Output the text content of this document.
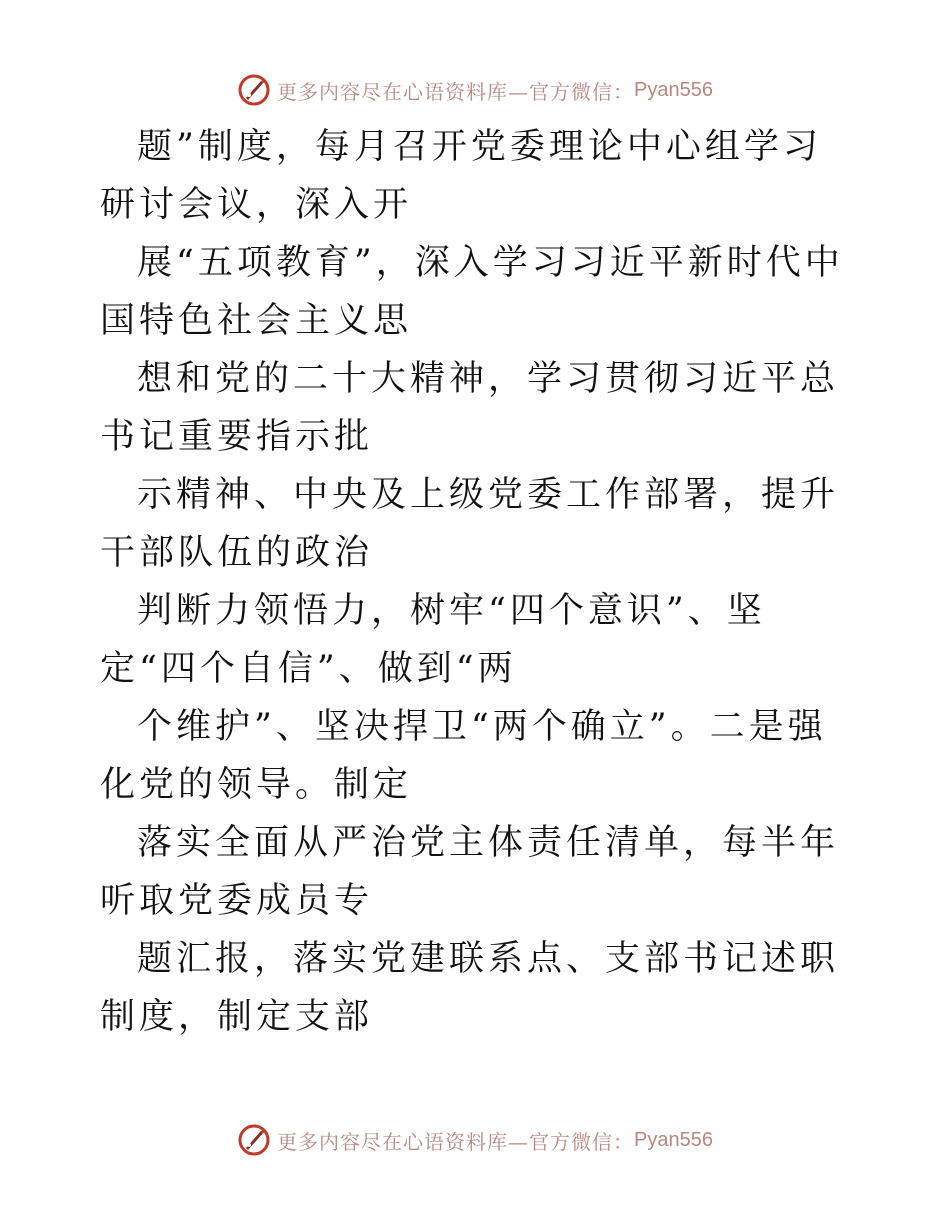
更多内容尽在心语资料库—官方微信： Pyan556

题”制度，每月召开党委理论中心组学习研讨会议，深入开

展“五项教育”，深入学习习近平新时代中国特色社会主义思

想和党的二十大精神，学习贯彻习近平总书记重要指示批

示精神、中央及上级党委工作部署，提升干部队伍的政治

判断力领悟力，树牢“四个意识”、坚定“四个自信”、做到“两

个维护”、坚决捍卫“两个确立”。二是强化党的领导。制定

落实全面从严治党主体责任清单，每半年听取党委成员专

题汇报，落实党建联系点、支部书记述职制度，制定支部

更多内容尽在心语资料库—官方微信： Pyan556
